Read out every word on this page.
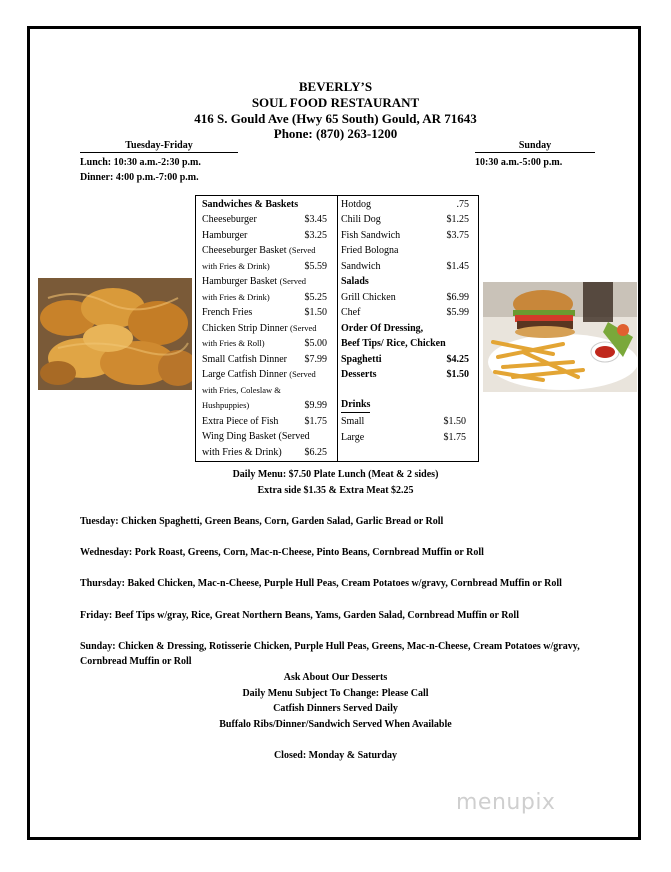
BEVERLY’S
SOUL FOOD RESTAURANT
416 S. Gould Ave (Hwy 65 South) Gould, AR 71643
Phone: (870) 263-1200
Tuesday-Friday
Lunch: 10:30 a.m.-2:30 p.m.
Dinner: 4:00 p.m.-7:00 p.m.
Sunday
10:30 a.m.-5:00 p.m.
Sandwiches & Baskets
Cheeseburger	$3.45
Hamburger	$3.25
Cheeseburger Basket (Served
with Fries & Drink)	$5.59
Hamburger Basket (Served
with Fries & Drink)	$5.25
French Fries	$1.50
Chicken Strip Dinner (Served
with Fries & Roll)	$5.00
Small Catfish Dinner $7.99
Large Catfish Dinner (Served
with Fries, Coleslaw &
Hushpuppies)	$9.99
Extra Piece of Fish	$1.75
Wing Ding Basket (Served
with Fries & Drink) $6.25
Hotdog	.75
Chili Dog	$1.25
Fish Sandwich	$3.75
Fried Bologna
Sandwich	$1.45
Salads
Grill Chicken	$6.99
Chef	$5.99
Order Of Dressing,
Beef Tips/ Rice, Chicken
Spaghetti	$4.25
Desserts	$1.50
Drinks
Small	$1.50
Large	$1.75
Daily Menu: $7.50 Plate Lunch (Meat & 2 sides)
Extra side $1.35 & Extra Meat $2.25
Tuesday: Chicken Spaghetti, Green Beans, Corn, Garden Salad, Garlic Bread or Roll
Wednesday: Pork Roast, Greens, Corn, Mac-n-Cheese, Pinto Beans, Cornbread Muffin or Roll
Thursday: Baked Chicken, Mac-n-Cheese, Purple Hull Peas, Cream Potatoes w/gravy, Cornbread Muffin or Roll
Friday: Beef Tips w/gray, Rice, Great Northern Beans, Yams, Garden Salad, Cornbread Muffin or Roll
Sunday: Chicken & Dressing, Rotisserie Chicken, Purple Hull Peas, Greens, Mac-n-Cheese, Cream Potatoes w/gravy, Cornbread Muffin or Roll
Ask About Our Desserts
Daily Menu Subject To Change: Please Call
Catfish Dinners Served Daily
Buffalo Ribs/Dinner/Sandwich Served When Available
Closed: Monday & Saturday
menupix
